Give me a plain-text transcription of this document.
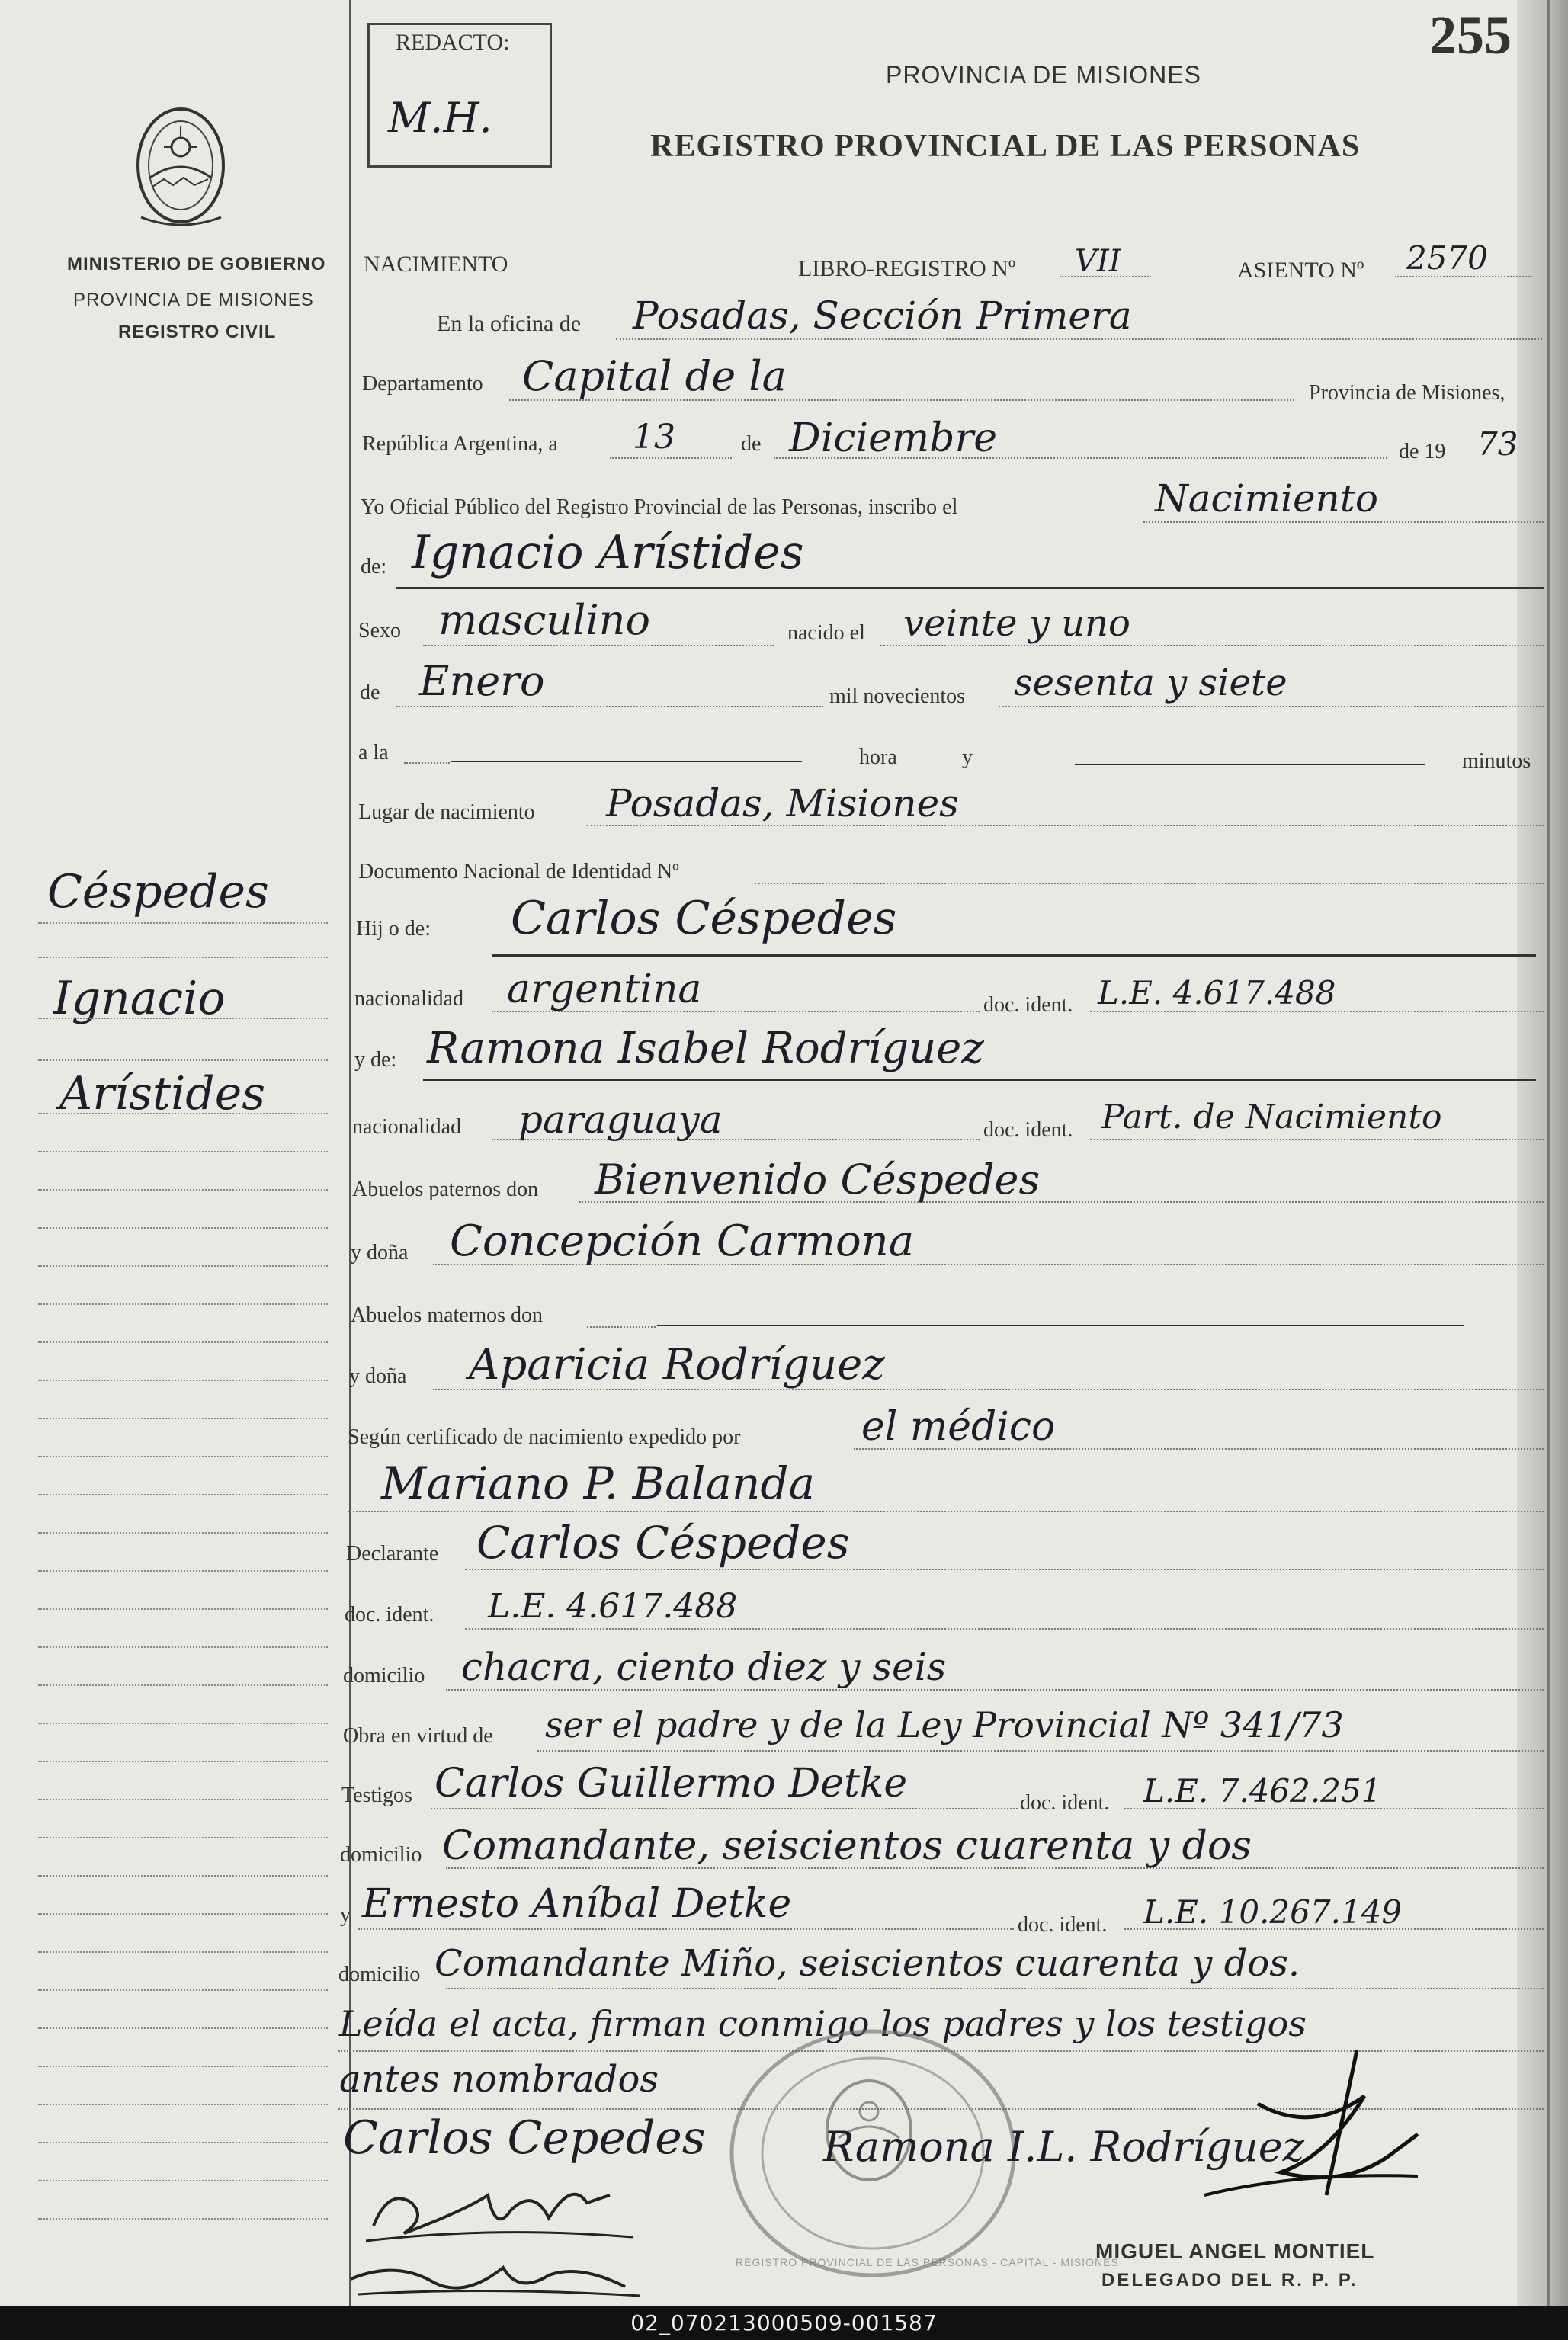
255
REDACTO:
M.H.
MINISTERIO DE GOBIERNO
PROVINCIA DE MISIONES
REGISTRO CIVIL
Céspedes
Ignacio
Arístides
PROVINCIA DE MISIONES
REGISTRO PROVINCIAL DE LAS PERSONAS
NACIMIENTO	LIBRO-REGISTRO Nº VII	ASIENTO Nº 2570
En la oficina de Posadas, Sección Primera
Departamento Capital de la	Provincia de Misiones,
República Argentina, a 13	de Diciembre	de 19 73
Yo Oficial Público del Registro Provincial de las Personas, inscribo el	Nacimiento
de: Ignacio Arístides
Sexo masculino	nacido el veinte y uno
de Enero	mil novecientos sesenta y siete
a la	hora	y	minutos
Lugar de nacimiento Posadas, Misiones
Documento Nacional de Identidad Nº
Hij o de: Carlos Céspedes
nacionalidad argentina	doc. ident. L.E. 4.617.488
y de: Ramona Isabel Rodríguez
nacionalidad paraguaya	doc. ident. Part. de Nacimiento
Abuelos paternos don Bienvenido Céspedes
y doña Concepción Carmona
Abuelos maternos don
y doña Aparicia Rodríguez
Según certificado de nacimiento expedido por	el médico
Mariano P. Balanda
Declarante Carlos Céspedes
doc. ident. L.E. 4.617.488
domicilio chacra, ciento diez y seis
Obra en virtud de ser el padre y de la Ley Provincial Nº 341/73
Testigos Carlos Guillermo Detke	doc. ident. L.E. 7.462.251
domicilio Comandante, seiscientos cuarenta y dos
y Ernesto Aníbal Detke	doc. ident. L.E. 10.267.149
domicilio Comandante Miño, seiscientos cuarenta y dos.
Leída el acta, firman conmigo los padres y los testigos
antes nombrados
REGISTRO PROVINCIAL DE LAS PERSONAS - CAPITAL - MISIONES
Carlos Cepedes	Ramona I.L. Rodríguez
MIGUEL ANGEL MONTIEL
DELEGADO DEL R. P. P.
02_070213000509-001587
